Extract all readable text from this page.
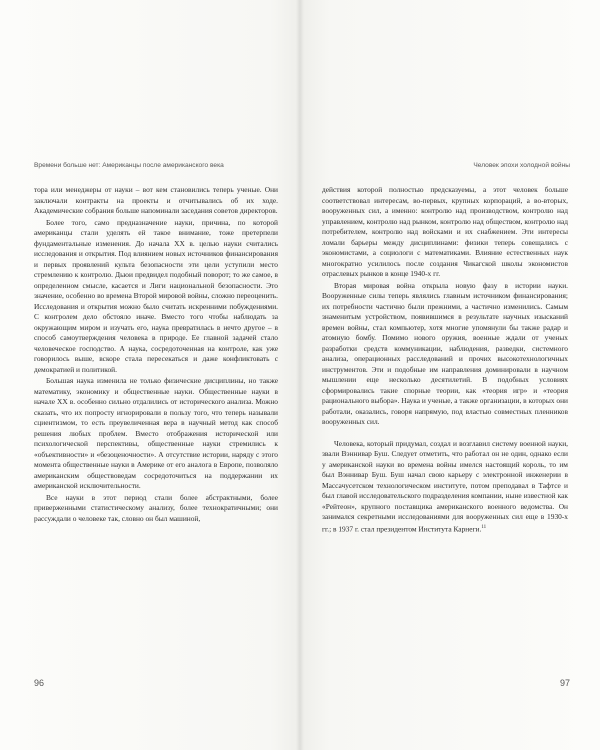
Времени больше нет: Американцы после американского века

тора или менеджеры от науки – вот кем становились теперь ученые. Они заключали контракты на проекты и отчитывались об их ходе. Академические собрания больше напоминали заседания советов директоров.

Более того, само предназначение науки, причина, по которой американцы стали уделять ей такое внимание, тоже претерпели фундаментальные изменения. До начала XX в. целью науки считались исследования и открытия. Под влиянием новых источников финансирования и первых проявлений культа безопасности эти цели уступили место стремлению к контролю. Дьюи предвидел подобный поворот; то же самое, в определенном смысле, касается и Лиги национальной безопасности. Это значение, особенно во времена Второй мировой войны, сложно переоценить. Исследования и открытия можно было считать искренними побуждениями. С контролем дело обстояло иначе. Вместо того чтобы наблюдать за окружающим миром и изучать его, наука превратилась в нечто другое – в способ самоутверждения человека в природе. Ее главной задачей стало человеческое господство. А наука, сосредоточенная на контроле, как уже говорилось выше, вскоре стала пересекаться и даже конфликтовать с демократией и политикой.

Большая наука изменила не только физические дисциплины, но также математику, экономику и общественные науки. Общественные науки в начале XX в. особенно сильно отдалились от исторического анализа. Можно сказать, что их попросту игнорировали в пользу того, что теперь называли сциентизмом, то есть преувеличенная вера в научный метод как способ решения любых проблем. Вместо отображения исторической или психологической перспективы, общественные науки стремились к «объективности» и «безоценочности». А отсутствие истории, наряду с этого момента общественные науки в Америке от его аналога в Европе, позволяло американским обществоведам сосредоточиться на поддержании их американской исключительности.

Все науки в этот период стали более абстрактными, более приверженными статистическому анализу, более технократичными; они рассуждали о человеке так, словно он был машиной,

96
Человек эпохи холодной войны

действия которой полностью предсказуемы, а этот человек больше соответствовал интересам, во-первых, крупных корпораций, а во-вторых, вооруженных сил, а именно: контролю над производством, контролю над управлением, контролю над рынком, контролю над обществом, контролю над потребителем, контролю над войсками и их снабжением. Эти интересы ломали барьеры между дисциплинами: физики теперь совещались с экономистами, а социологи с математиками. Влияние естественных наук многократно усилилось после создания Чикагской школы экономистов отраслевых рынков в конце 1940-х гг.

Вторая мировая война открыла новую фазу в истории науки. Вооруженные силы теперь являлись главным источником финансирования; их потребности частично были прежними, а частично изменились. Самым знаменитым устройством, появившимся в результате научных изысканий времен войны, стал компьютер, хотя многие упомянули бы также радар и атомную бомбу. Помимо нового оружия, военные ждали от ученых разработки средств коммуникации, наблюдения, разведки, системного анализа, операционных расследований и прочих высокотехнологичных инструментов. Эти и подобные им направления доминировали в научном мышлении еще несколько десятилетий. В подобных условиях сформировались такие спорные теории, как «теория игр» и «теория рационального выбора». Наука и ученые, а также организации, в которых они работали, оказались, говоря напрямую, под властью совместных пленников вооруженных сил.

Человека, который придумал, создал и возглавил систему военной науки, звали Вэннивар Буш. Следует отметить, что работал он не один, однако если у американской науки во времена войны имелся настоящий король, то им был Вэннивар Буш. Буш начал свою карьеру с электронной инженерии в Массачусетском технологическом институте, потом преподавал в Тафтсе и был главой исследовательского подразделения компании, ныне известной как «Рейтеон», крупного поставщика американского военного ведомства. Он занимался секретными исследованиями для вооруженных сил еще в 1930-х гг.; в 1937 г. стал президентом Института Карнеги.$^{11}$

97
